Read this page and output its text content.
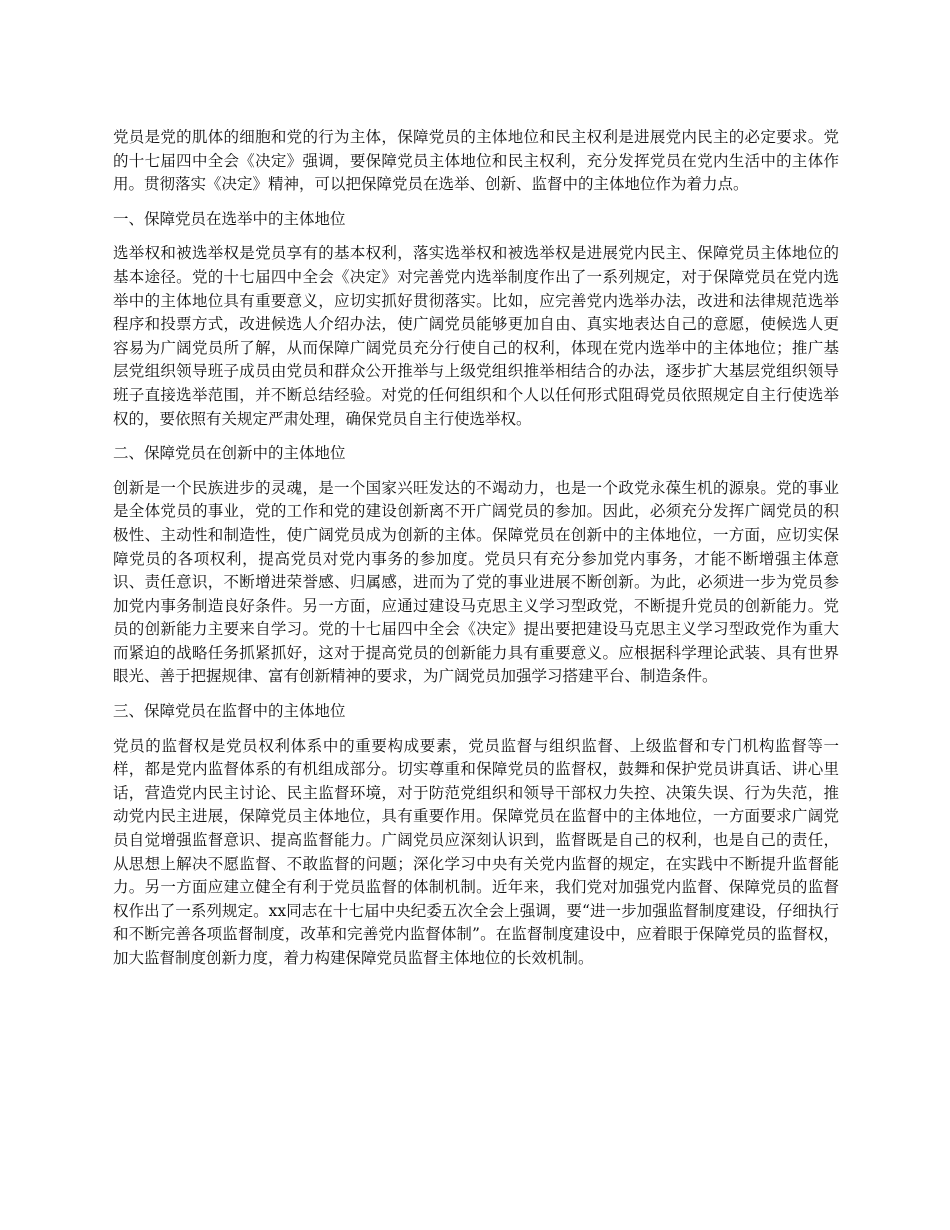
党员是党的肌体的细胞和党的行为主体，保障党员的主体地位和民主权利是进展党内民主的必定要求。党的十七届四中全会《决定》强调，要保障党员主体地位和民主权利，充分发挥党员在党内生活中的主体作用。贯彻落实《决定》精神，可以把保障党员在选举、创新、监督中的主体地位作为着力点。

一、保障党员在选举中的主体地位

选举权和被选举权是党员享有的基本权利，落实选举权和被选举权是进展党内民主、保障党员主体地位的基本途径。党的十七届四中全会《决定》对完善党内选举制度作出了一系列规定，对于保障党员在党内选举中的主体地位具有重要意义，应切实抓好贯彻落实。比如，应完善党内选举办法，改进和法律规范选举程序和投票方式，改进候选人介绍办法，使广阔党员能够更加自由、真实地表达自己的意愿，使候选人更容易为广阔党员所了解，从而保障广阔党员充分行使自己的权利，体现在党内选举中的主体地位；推广基层党组织领导班子成员由党员和群众公开推举与上级党组织推举相结合的办法，逐步扩大基层党组织领导班子直接选举范围，并不断总结经验。对党的任何组织和个人以任何形式阻碍党员依照规定自主行使选举权的，要依照有关规定严肃处理，确保党员自主行使选举权。

二、保障党员在创新中的主体地位

创新是一个民族进步的灵魂，是一个国家兴旺发达的不竭动力，也是一个政党永葆生机的源泉。党的事业是全体党员的事业，党的工作和党的建设创新离不开广阔党员的参加。因此，必须充分发挥广阔党员的积极性、主动性和制造性，使广阔党员成为创新的主体。保障党员在创新中的主体地位，一方面，应切实保障党员的各项权利，提高党员对党内事务的参加度。党员只有充分参加党内事务，才能不断增强主体意识、责任意识，不断增进荣誉感、归属感，进而为了党的事业进展不断创新。为此，必须进一步为党员参加党内事务制造良好条件。另一方面，应通过建设马克思主义学习型政党，不断提升党员的创新能力。党员的创新能力主要来自学习。党的十七届四中全会《决定》提出要把建设马克思主义学习型政党作为重大而紧迫的战略任务抓紧抓好，这对于提高党员的创新能力具有重要意义。应根据科学理论武装、具有世界眼光、善于把握规律、富有创新精神的要求，为广阔党员加强学习搭建平台、制造条件。

三、保障党员在监督中的主体地位

党员的监督权是党员权利体系中的重要构成要素，党员监督与组织监督、上级监督和专门机构监督等一样，都是党内监督体系的有机组成部分。切实尊重和保障党员的监督权，鼓舞和保护党员讲真话、讲心里话，营造党内民主讨论、民主监督环境，对于防范党组织和领导干部权力失控、决策失误、行为失范，推动党内民主进展，保障党员主体地位，具有重要作用。保障党员在监督中的主体地位，一方面要求广阔党员自觉增强监督意识、提高监督能力。广阔党员应深刻认识到，监督既是自己的权利，也是自己的责任，从思想上解决不愿监督、不敢监督的问题；深化学习中央有关党内监督的规定，在实践中不断提升监督能力。另一方面应建立健全有利于党员监督的体制机制。近年来，我们党对加强党内监督、保障党员的监督权作出了一系列规定。xx同志在十七届中央纪委五次全会上强调，要“进一步加强监督制度建设，仔细执行和不断完善各项监督制度，改革和完善党内监督体制”。在监督制度建设中，应着眼于保障党员的监督权，加大监督制度创新力度，着力构建保障党员监督主体地位的长效机制。
